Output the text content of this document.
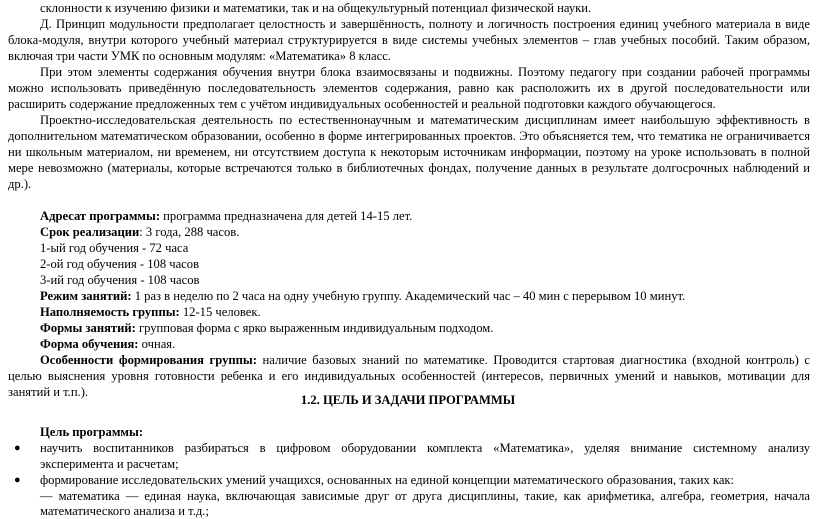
склонности к изучению физики и математики, так и на общекультурный потенциал физической науки.
Д. Принцип модульности предполагает целостность и завершённость, полноту и логичность построения единиц учебного материала в виде
блока-модуля, внутри которого учебный материал структурируется в виде системы учебных элементов – глав учебных пособий. Таким образом,
включая три части УМК по основным модулям: «Математика» 8 класс.
При этом элементы содержания обучения внутри блока взаимосвязаны и подвижны. Поэтому педагогу при создании рабочей программы
можно использовать приведённую последовательность элементов содержания, равно как расположить их в другой последовательности или
расширить содержание предложенных тем с учётом индивидуальных особенностей и реальной подготовки каждого обучающегося.
Проектно-исследовательская деятельность по естественнонаучным и математическим дисциплинам имеет наибольшую эффективность в
дополнительном математическом образовании, особенно в форме интегрированных проектов. Это объясняется тем, что тематика не ограничивается
ни школьным материалом, ни временем, ни отсутствием доступа к некоторым источникам информации, поэтому на уроке использовать в полной
мере невозможно (материалы, которые встречаются только в библиотечных фондах, получение данных в результате долгосрочных наблюдений и
др.).
Адресат программы: программа предназначена для детей 14-15 лет.
Срок реализации: 3 года, 288 часов.
1-ый год обучения - 72 часа
2-ой год обучения - 108 часов
3-ий год обучения - 108 часов
Режим занятий: 1 раз в неделю по 2 часа на одну учебную группу. Академический час – 40 мин с перерывом 10 минут.
Наполняемость группы: 12-15 человек.
Формы занятий: групповая форма с ярко выраженным индивидуальным подходом.
Форма обучения: очная.
Особенности формирования группы: наличие базовых знаний по математике. Проводится стартовая диагностика (входной контроль) с
целью выяснения уровня готовности ребенка и его индивидуальных особенностей (интересов, первичных умений и навыков, мотивации для
занятий и т.п.).
1.2. ЦЕЛЬ И ЗАДАЧИ ПРОГРАММЫ
Цель программы:
● научить воспитанников разбираться в цифровом оборудовании комплекта «Математика», уделяя внимание системному анализу
эксперимента и расчетам;
● формирование исследовательских умений учащихся, основанных на единой концепции математического образования, таких как:
— математика — единая наука, включающая зависимые друг от друга дисциплины, такие, как арифметика, алгебра, геометрия, начала
математического анализа и т.д.;
